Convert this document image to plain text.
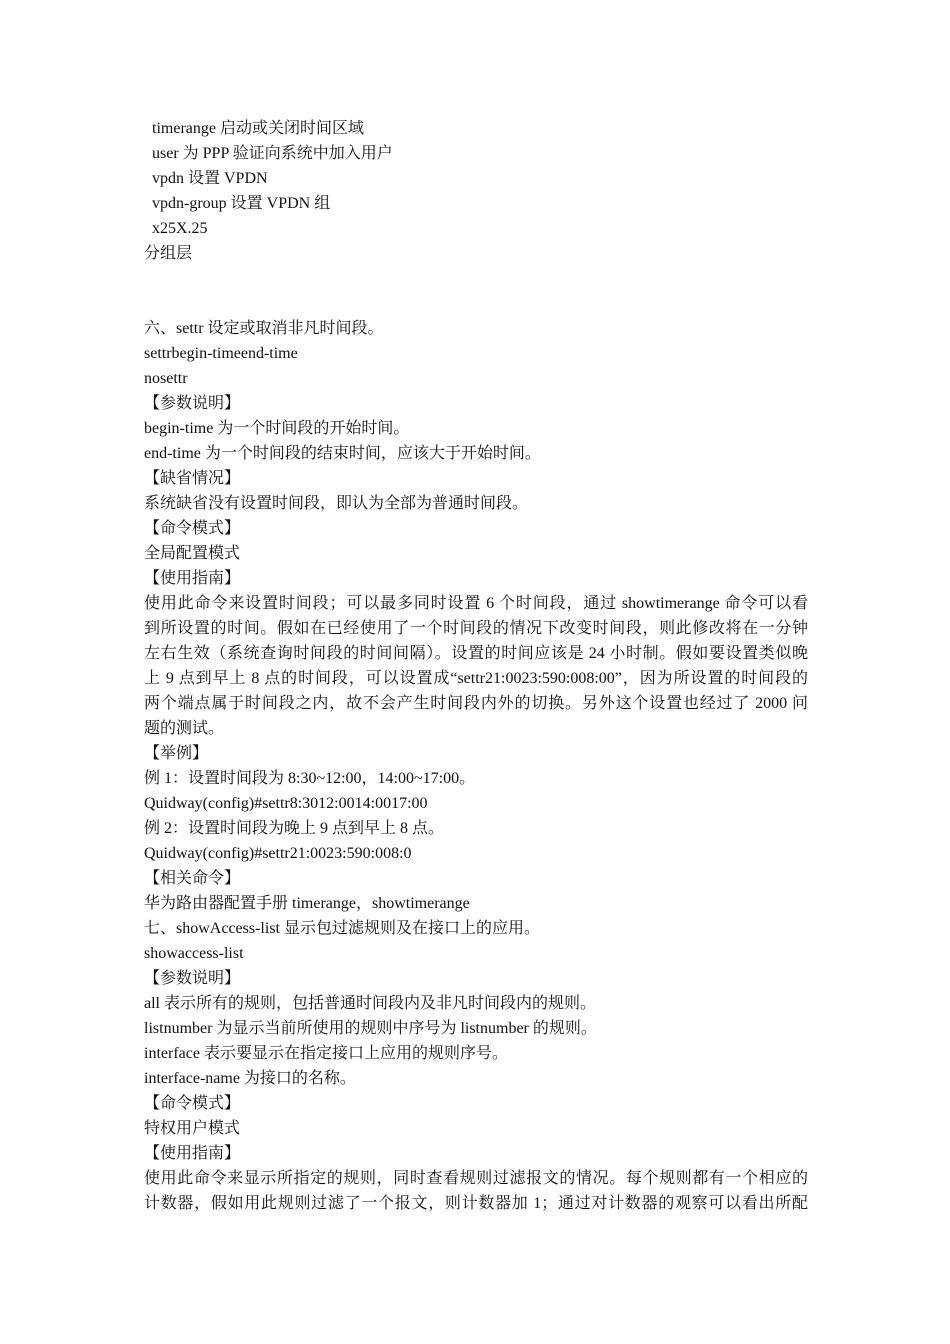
timerange 启动或关闭时间区域
user 为 PPP 验证向系统中加入用户
vpdn 设置 VPDN
vpdn-group 设置 VPDN 组
x25X.25
分组层
六、settr 设定或取消非凡时间段。
settrbegin-timeend-time
nosettr
【参数说明】
begin-time 为一个时间段的开始时间。
end-time 为一个时间段的结束时间，应该大于开始时间。
【缺省情况】
系统缺省没有设置时间段，即认为全部为普通时间段。
【命令模式】
全局配置模式
【使用指南】
使用此命令来设置时间段；可以最多同时设置 6 个时间段，通过 showtimerange 命令可以看
到所设置的时间。假如在已经使用了一个时间段的情况下改变时间段，则此修改将在一分钟
左右生效（系统查询时间段的时间间隔）。设置的时间应该是 24 小时制。假如要设置类似晚
上 9 点到早上 8 点的时间段，可以设置成“settr21:0023:590:008:00”，因为所设置的时间段的
两个端点属于时间段之内，故不会产生时间段内外的切换。另外这个设置也经过了 2000 问
题的测试。
【举例】
例 1：设置时间段为 8:30~12:00，14:00~17:00。
Quidway(config)#settr8:3012:0014:0017:00
例 2：设置时间段为晚上 9 点到早上 8 点。
Quidway(config)#settr21:0023:590:008:0
【相关命令】
华为路由器配置手册 timerange，showtimerange
七、showAccess-list 显示包过滤规则及在接口上的应用。
showaccess-list
【参数说明】
all 表示所有的规则，包括普通时间段内及非凡时间段内的规则。
listnumber 为显示当前所使用的规则中序号为 listnumber 的规则。
interface 表示要显示在指定接口上应用的规则序号。
interface-name 为接口的名称。
【命令模式】
特权用户模式
【使用指南】
使用此命令来显示所指定的规则，同时查看规则过滤报文的情况。每个规则都有一个相应的
计数器，假如用此规则过滤了一个报文，则计数器加 1；通过对计数器的观察可以看出所配
